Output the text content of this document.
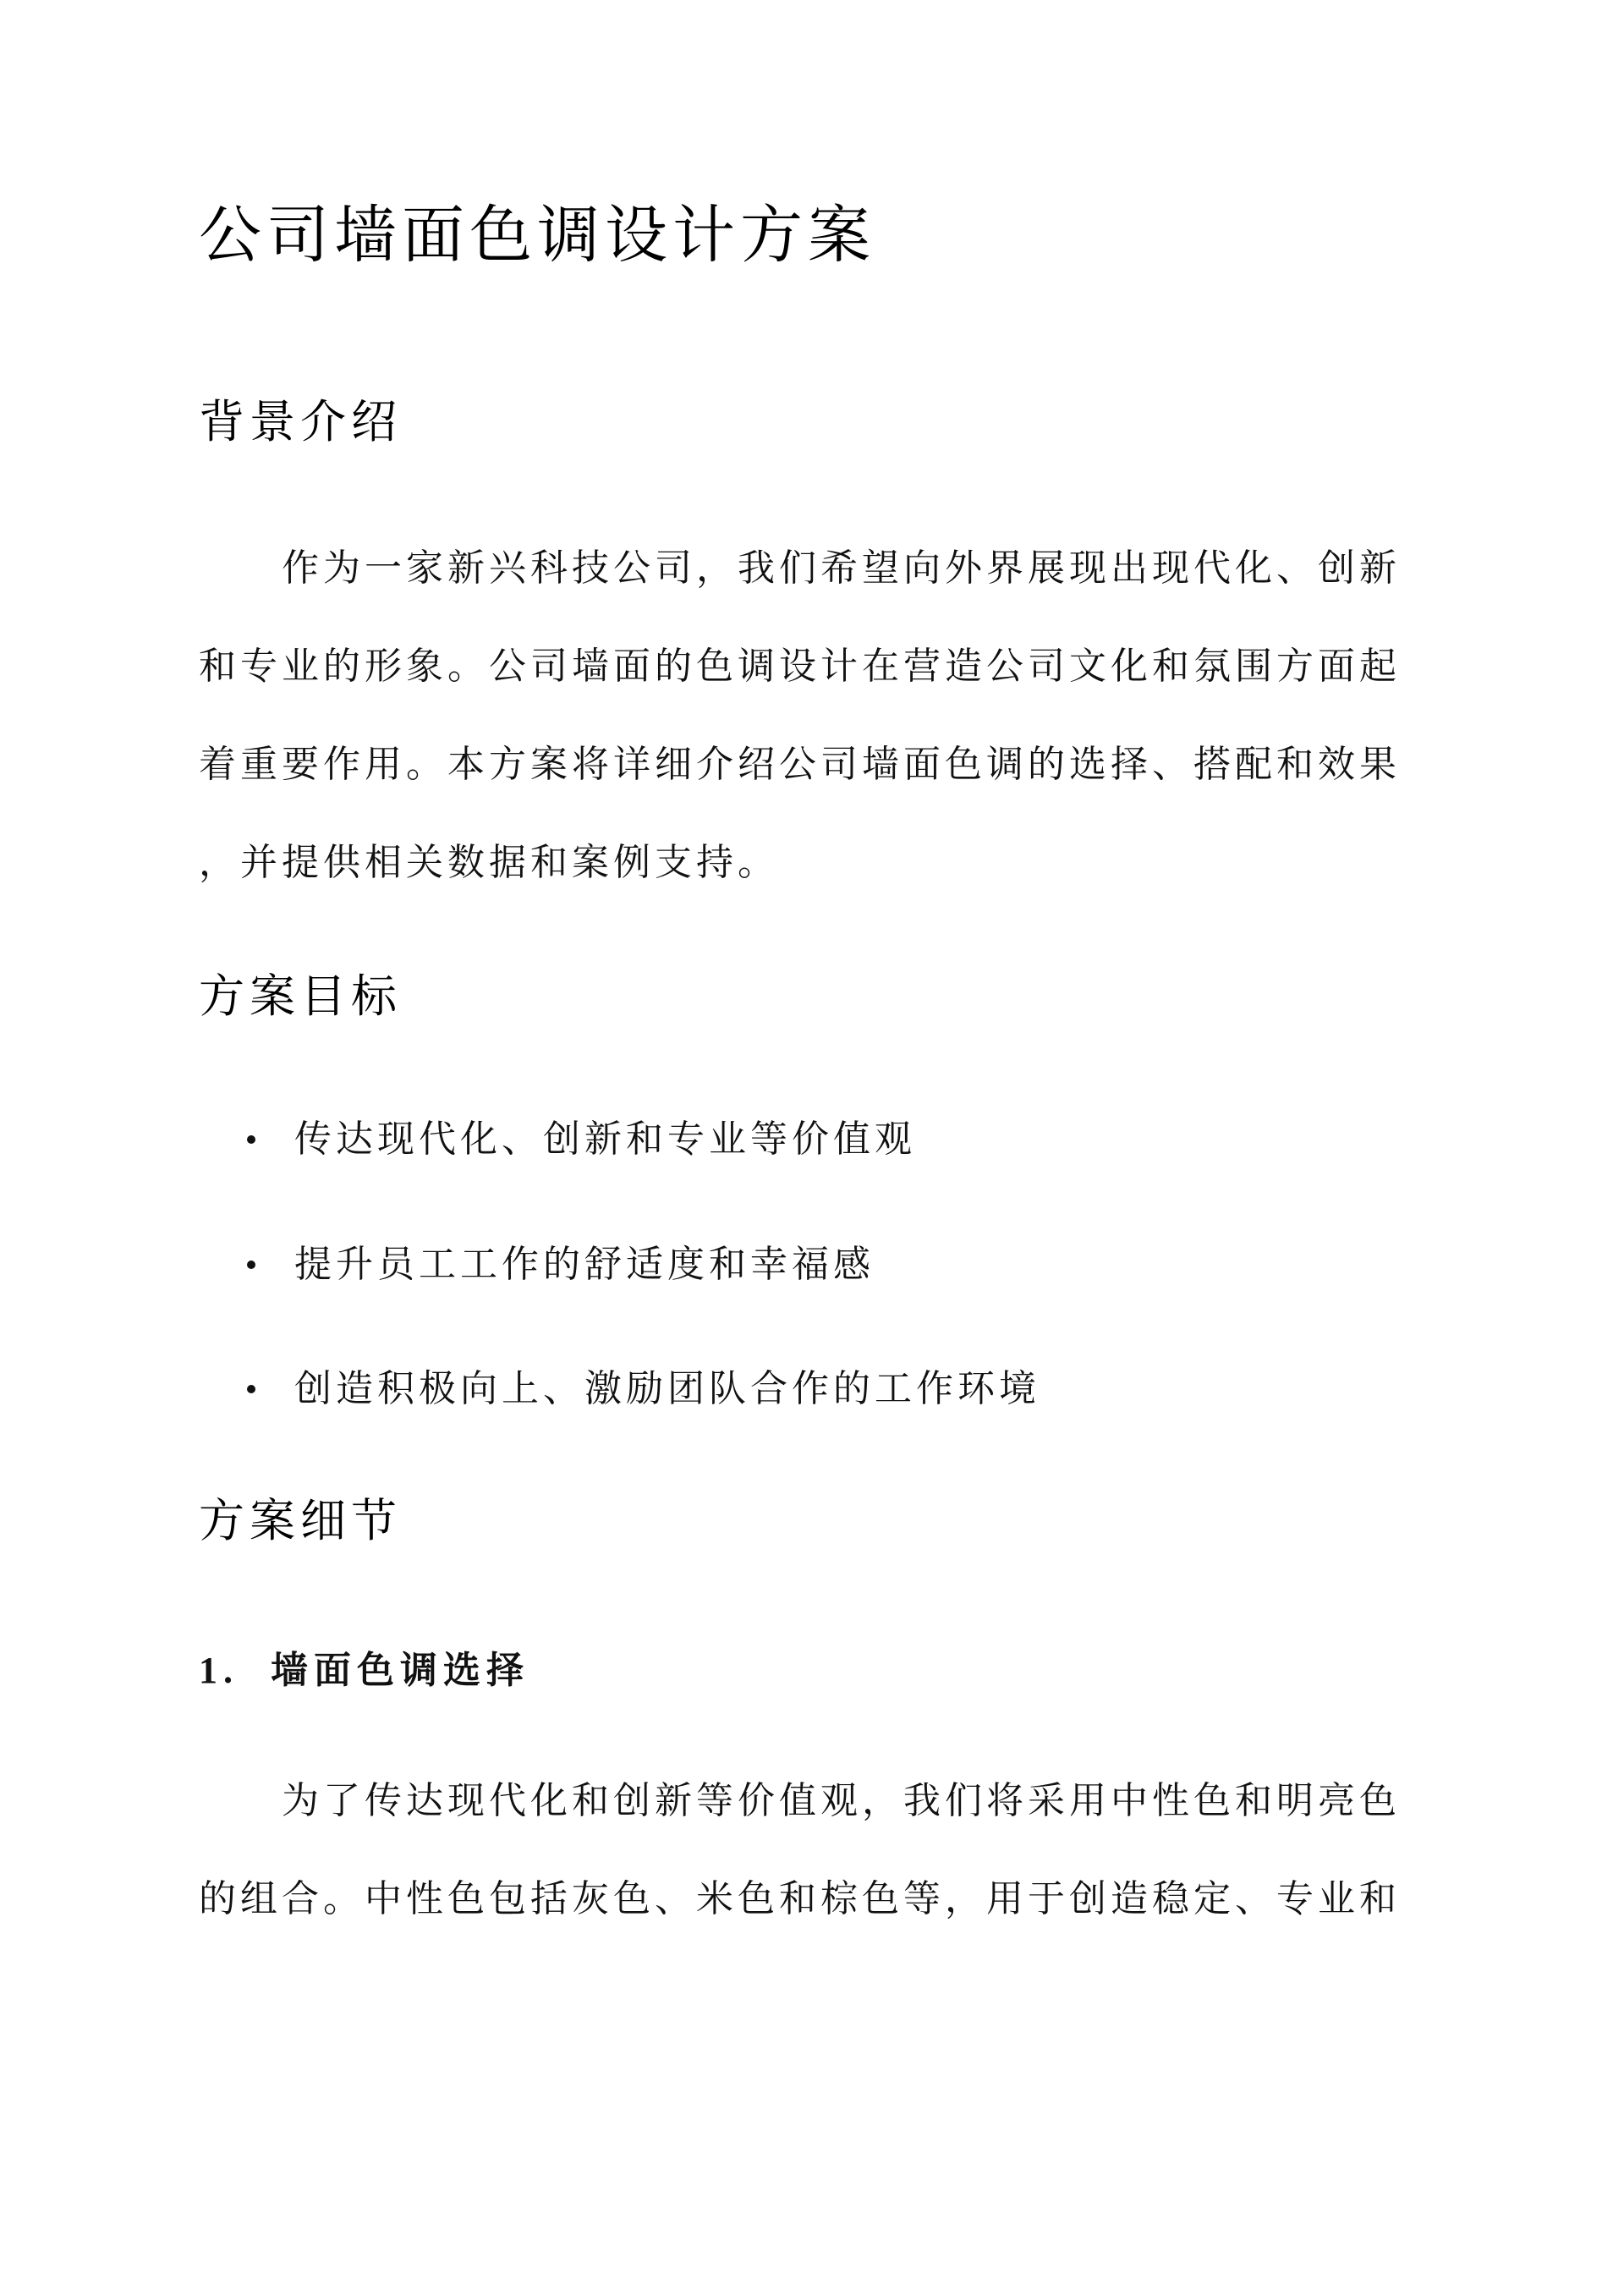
公司墙面色调设计方案
背景介绍
作为一家新兴科技公司，我们希望向外界展现出现代化、创新
和专业的形象。公司墙面的色调设计在营造公司文化和氛围方面起
着重要作用。本方案将详细介绍公司墙面色调的选择、搭配和效果
，并提供相关数据和案例支持。
方案目标
传达现代化、创新和专业等价值观
提升员工工作的舒适度和幸福感
创造积极向上、激励团队合作的工作环境
方案细节
1. 墙面色调选择
为了传达现代化和创新等价值观，我们将采用中性色和明亮色
的组合。中性色包括灰色、米色和棕色等，用于创造稳定、专业和
